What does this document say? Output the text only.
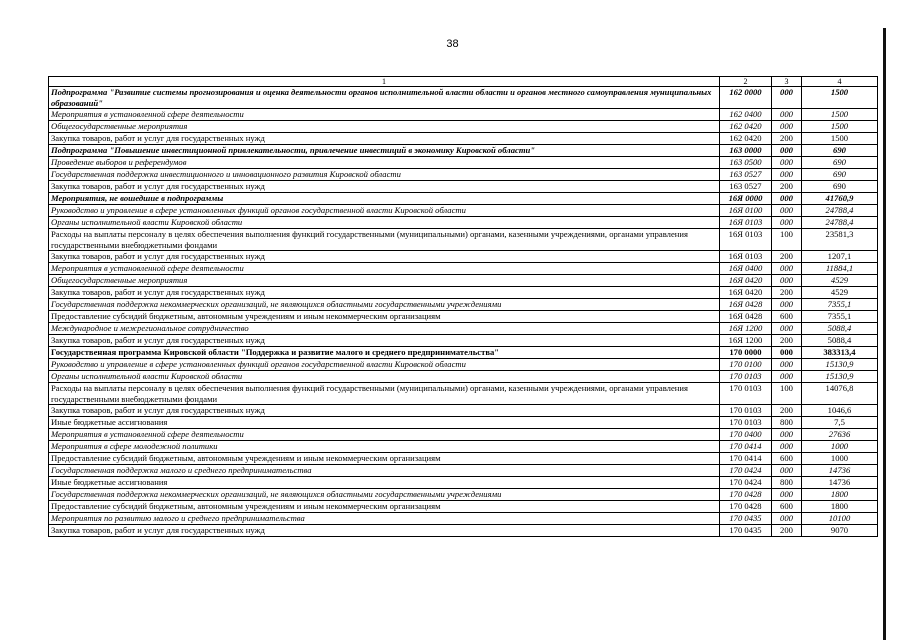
38
1	2	3	4
Подпрограмма "Развитие системы прогнозирования и оценка деятельности органов исполнительной власти области и органов местного самоуправления муниципальных образований"	162 0000	000	1500
Мероприятия в установленной сфере деятельности	162 0400	000	1500
Общегосударственные мероприятия	162 0420	000	1500
Закупка товаров, работ и услуг для государственных нужд	162 0420	200	1500
Подпрограмма "Повышение инвестиционной привлекательности, привлечение инвестиций в экономику Кировской области"	163 0000	000	690
Проведение выборов и референдумов	163 0500	000	690
Государственная поддержка инвестиционного и инновационного развития Кировской области	163 0527	000	690
Закупка товаров, работ и услуг для государственных нужд	163 0527	200	690
Мероприятия, не вошедшие в подпрограммы	16Я 0000	000	41760,9
Руководство и управление в сфере установленных функций органов государственной власти Кировской области	16Я 0100	000	24788,4
Органы исполнительной власти Кировской области	16Я 0103	000	24788,4
Расходы на выплаты персоналу в целях обеспечения выполнения функций государственными (муниципальными) органами, казенными учреждениями, органами управления государственными внебюджетными фондами	16Я 0103	100	23581,3
Закупка товаров, работ и услуг для государственных нужд	16Я 0103	200	1207,1
Мероприятия в установленной сфере деятельности	16Я 0400	000	11884,1
Общегосударственные мероприятия	16Я 0420	000	4529
Закупка товаров, работ и услуг для государственных нужд	16Я 0420	200	4529
Государственная поддержка некоммерческих организаций, не являющихся областными государственными учреждениями	16Я 0428	000	7355,1
Предоставление субсидий бюджетным, автономным учреждениям и иным некоммерческим организациям	16Я 0428	600	7355,1
Международное и межрегиональное сотрудничество	16Я 1200	000	5088,4
Закупка товаров, работ и услуг для государственных нужд	16Я 1200	200	5088,4
Государственная программа Кировской области "Поддержка и развитие малого и среднего предпринимательства"	170 0000	000	383313,4
Руководство и управление в сфере установленных функций органов государственной власти Кировской области	170 0100	000	15130,9
Органы исполнительной власти Кировской области	170 0103	000	15130,9
Расходы на выплаты персоналу в целях обеспечения выполнения функций государственными (муниципальными) органами, казенными учреждениями, органами управления государственными внебюджетными фондами	170 0103	100	14076,8
Закупка товаров, работ и услуг для государственных нужд	170 0103	200	1046,6
Иные бюджетные ассигнования	170 0103	800	7,5
Мероприятия в установленной сфере деятельности	170 0400	000	27636
Мероприятия в сфере молодежной политики	170 0414	000	1000
Предоставление субсидий бюджетным, автономным учреждениям и иным некоммерческим организациям	170 0414	600	1000
Государственная поддержка малого и среднего предпринимательства	170 0424	000	14736
Иные бюджетные ассигнования	170 0424	800	14736
Государственная поддержка некоммерческих организаций, не являющихся областными государственными учреждениями	170 0428	000	1800
Предоставление субсидий бюджетным, автономным учреждениям и иным некоммерческим организациям	170 0428	600	1800
Мероприятия по развитию малого и среднего предпринимательства	170 0435	000	10100
Закупка товаров, работ и услуг для государственных нужд	170 0435	200	9070
